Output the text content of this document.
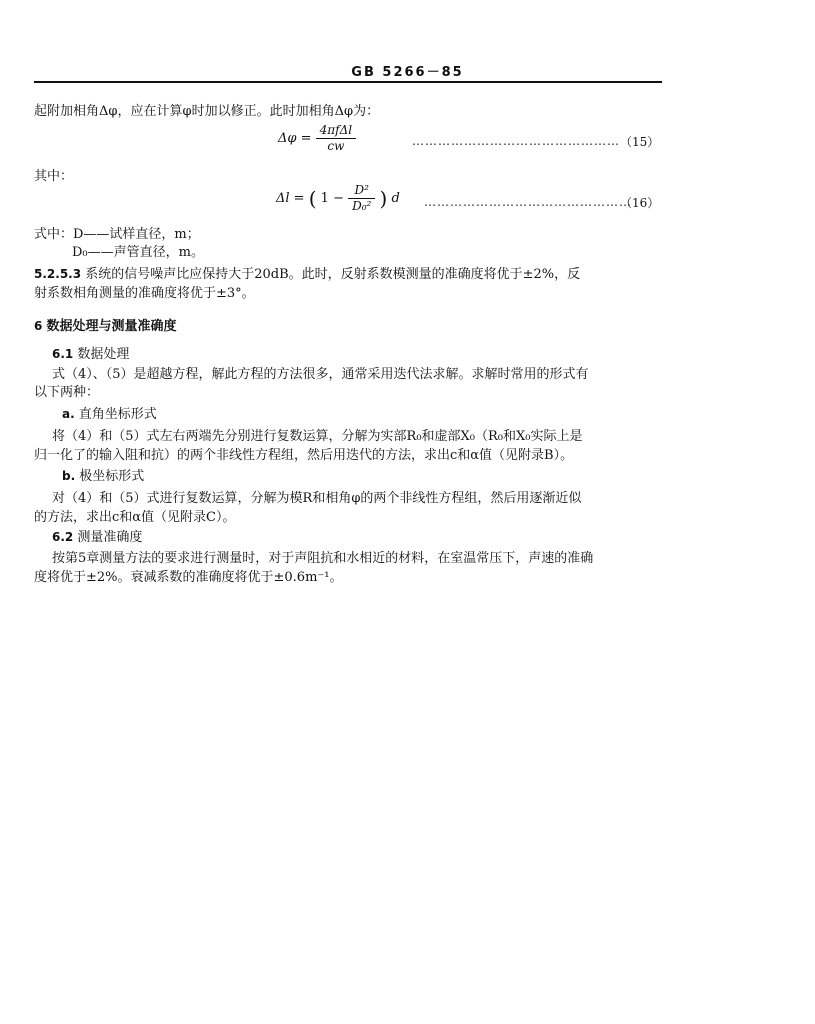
GB 5266－85
起附加相角Δφ，应在计算φ时加以修正。此时加相角Δφ为：
$\Delta\varphi = \frac{\text{4πfΔl}}{cw}$	………………………………………… （15）
其中：
Δl = ( $1 - \frac{\text{D²}}{\text{D₀²}}$ ) d …………………………………………
（16）
式中：D——试样直径，m；
D₀——声管直径，m。
5.2.5.3 系统的信号噪声比应保持大于20dB。此时，反射系数模测量的准确度将优于±2%，反
射系数相角测量的准确度将优于±3°。
6 数据处理与测量准确度
6.1 数据处理
式（4）、（5）是超越方程，解此方程的方法很多，通常采用迭代法求解。求解时常用的形式有
以下两种：
a. 直角坐标形式
将（4）和（5）式左右两端先分别进行复数运算，分解为实部R₀和虚部X₀（R₀和X₀实际上是
归一化了的输入阻和抗）的两个非线性方程组，然后用迭代的方法，求出c和α值（见附录B）。
b. 极坐标形式
对（4）和（5）式进行复数运算，分解为模R和相角φ的两个非线性方程组，然后用逐渐近似
的方法，求出c和α值（见附录C）。
6.2 测量准确度
按第5章测量方法的要求进行测量时，对于声阻抗和水相近的材料，在室温常压下，声速的准确
度将优于±2%。衰减系数的准确度将优于±0.6m⁻¹。
